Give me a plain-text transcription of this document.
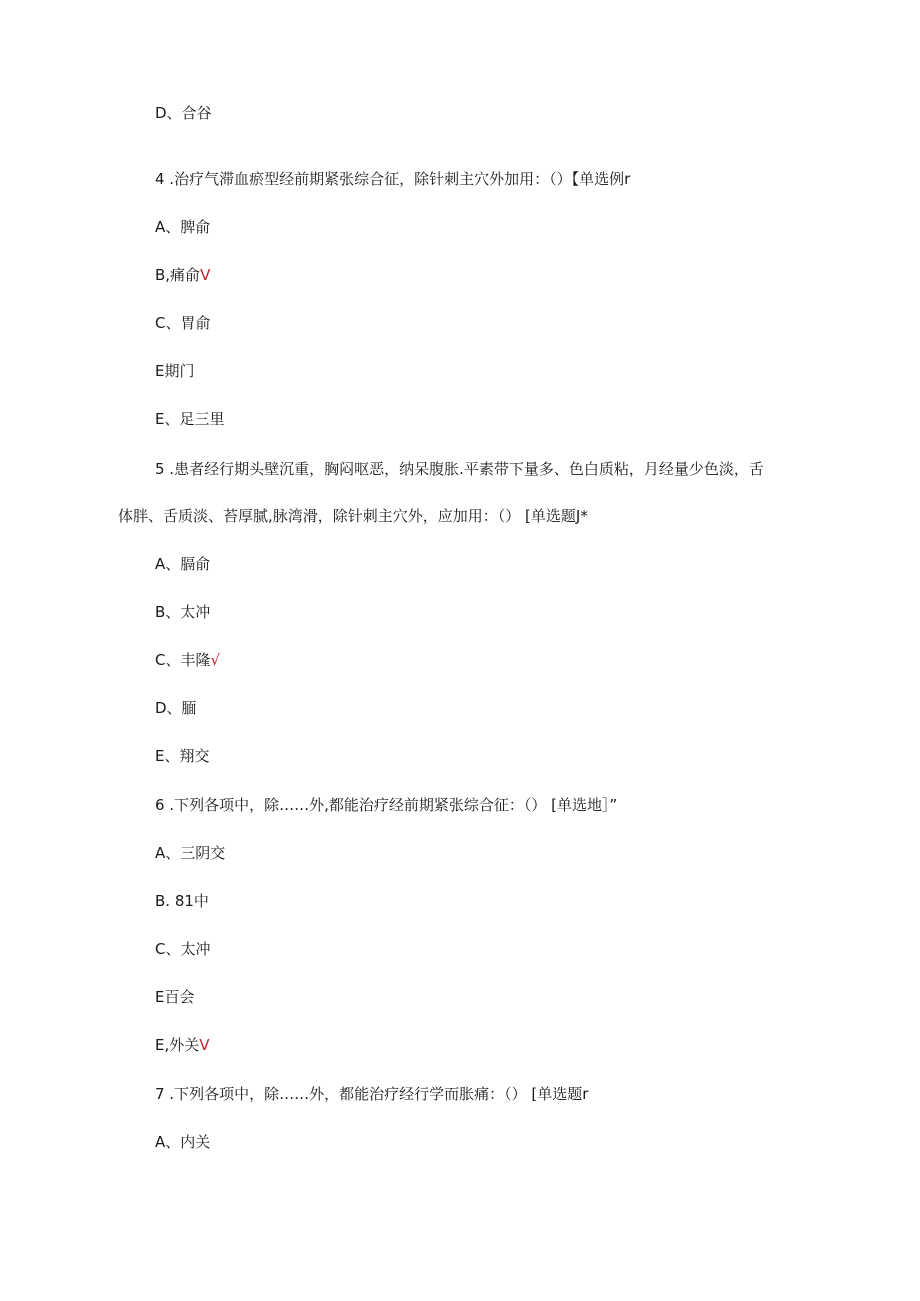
D、合谷
4 .治疗气滞血瘀型经前期紧张综合征，除针刺主穴外加用：（）【单选例r
A、脾俞
B,痛俞V
C、胃俞
E期门
E、足三里
5 .患者经行期头壁沉重，胸闷呕恶，纳呆腹胀.平素带下量多、色白质粘，月经量少色淡，舌
体胖、舌质淡、苔厚腻,脉湾滑，除针刺主穴外，应加用：（） [单选题J*
A、膈俞
B、太冲
C、丰隆√
D、腼
E、翔交
6 .下列各项中，除……外,都能治疗经前期紧张综合征：（） [单选地］”
A、三阴交
B. 81中
C、太冲
E百会
E,外关V
7 .下列各项中，除……外，都能治疗经行学而胀痛：（） [单选题r
A、内关
